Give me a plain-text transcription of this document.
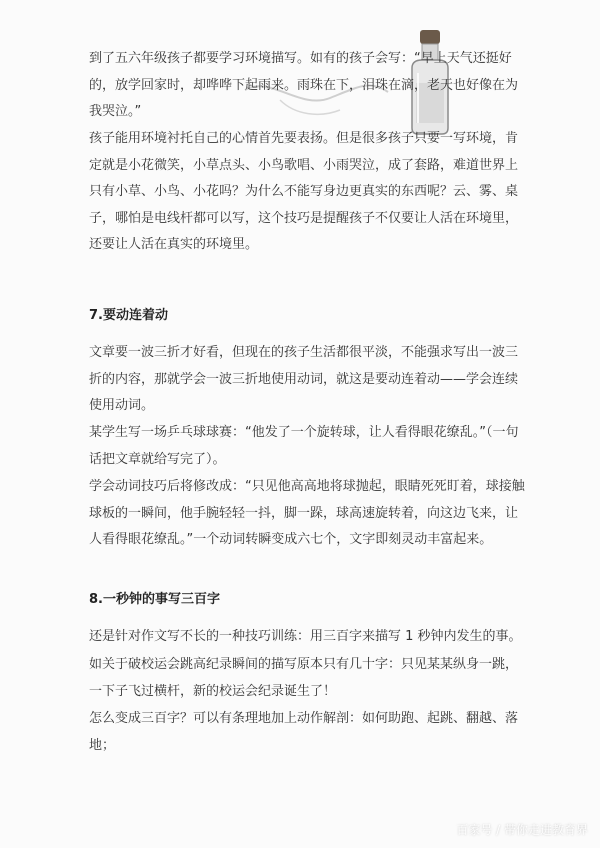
到了五六年级孩子都要学习环境描写。如有的孩子会写：“早上天气还挺好的，放学回家时，却哗哗下起雨来。雨珠在下，泪珠在滴，老天也好像在为我哭泣。”

孩子能用环境衬托自己的心情首先要表扬。但是很多孩子只要一写环境，肯定就是小花微笑，小草点头、小鸟歌唱、小雨哭泣，成了套路，难道世界上只有小草、小鸟、小花吗？为什么不能写身边更真实的东西呢？云、雾、桌子，哪怕是电线杆都可以写，这个技巧是提醒孩子不仅要让人活在环境里，还要让人活在真实的环境里。

7.要动连着动

文章要一波三折才好看，但现在的孩子生活都很平淡，不能强求写出一波三折的内容，那就学会一波三折地使用动词，就这是要动连着动——学会连续使用动词。

某学生写一场乒乓球球赛：“他发了一个旋转球，让人看得眼花缭乱。”（一句话把文章就给写完了）。

学会动词技巧后将修改成：“只见他高高地将球抛起，眼睛死死盯着，球接触球板的一瞬间，他手腕轻轻一抖，脚一跺，球高速旋转着，向这边飞来，让人看得眼花缭乱。”一个动词转瞬变成六七个，文字即刻灵动丰富起来。

8.一秒钟的事写三百字

还是针对作文写不长的一种技巧训练：用三百字来描写 1 秒钟内发生的事。

如关于破校运会跳高纪录瞬间的描写原本只有几十字：只见某某纵身一跳，一下子飞过横杆，新的校运会纪录诞生了！

怎么变成三百字？可以有条理地加上动作解剖：如何助跑、起跳、翻越、落地；

百家号 / 带你走进教育界
